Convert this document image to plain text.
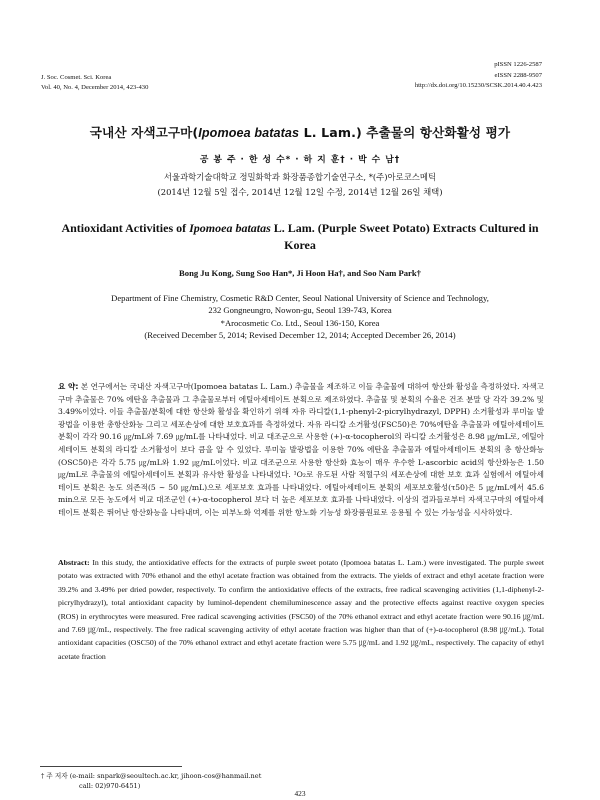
J. Soc. Cosmet. Sci. Korea
Vol. 40, No. 4, December 2014, 423-430
pISSN 1226-2587
eISSN 2288-9507
http://dx.doi.org/10.15230/SCSK.2014.40.4.423
국내산 자색고구마(Ipomoea batatas L. Lam.) 추출물의 항산화활성 평가
공 봉 주 · 한 성 수* · 하 지 훈† · 박 수 남†
서울과학기술대학교 정밀화학과 화장품종합기술연구소, *(주)아로코스메틱
(2014년 12월 5일 접수, 2014년 12월 12일 수정, 2014년 12월 26일 채택)
Antioxidant Activities of Ipomoea batatas L. Lam. (Purple Sweet Potato) Extracts Cultured in Korea
Bong Ju Kong, Sung Soo Han*, Ji Hoon Ha†, and Soo Nam Park†
Department of Fine Chemistry, Cosmetic R&D Center, Seoul National University of Science and Technology,
232 Gongneungro, Nowon-gu, Seoul 139-743, Korea
*Arocosmetic Co. Ltd., Seoul 136-150, Korea
(Received December 5, 2014; Revised December 12, 2014; Accepted December 26, 2014)
요 약: 본 연구에서는 국내산 자색고구마(Ipomoea batatas L. Lam.) 추출물을 제조하고 이들 추출물에 대하여 항산화 활성을 측정하였다. 자색고구마 추출물은 70% 에탄올 추출물과 그 추출물로부터 에틸아세테이트 분획으로 제조하였다. 추출물 및 분획의 수율은 건조 분말 당 각각 39.2% 및 3.49%이었다. 이들 추출물/분획에 대한 항산화 활성을 확인하기 위해 자유 라디칼(1,1-phenyl-2-picrylhydrazyl, DPPH) 소거활성과 루미놀 발광법을 이용한 총항산화능 그리고 세포손상에 대한 보호효과를 측정하였다. 자유 라디칼 소거활성(FSC50)은 70%에탄올 추출물과 에틸아세테이트 분획이 각각 90.16 ㎍/mL와 7.69 ㎍/mL를 나타내었다. 비교 대조군으로 사용한 (+)-α-tocopherol의 라디칼 소거활성은 8.98 ㎍/mL로, 에틸아세테이트 분획의 라디칼 소거활성이 보다 큼을 알 수 있었다. 루미놀 발광법을 이용한 70% 에탄올 추출물과 에틸아세테이트 분획의 총 항산화능(OSC50)은 각각 5.75 ㎍/mL와 1.92 ㎍/mL이었다. 비교 대조군으로 사용한 항산화 효능이 매우 우수한 L-ascorbic acid의 항산화능은 1.50 ㎍/mL로 추출물의 에틸아세테이트 분획과 유사한 활성을 나타내었다. ¹O₂로 유도된 사람 적혈구의 세포손상에 대한 보호 효과 실험에서 에틸아세테이트 분획은 농도 의존적(5 ~ 50 ㎍/mL)으로 세포보호 효과를 나타내었다. 에틸아세테이트 분획의 세포보호활성(τ50)은 5 ㎍/mL에서 45.6 min으로 모든 농도에서 비교 대조군인 (+)-α-tocopherol 보다 더 높은 세포보호 효과를 나타내었다. 이상의 결과들로부터 자색고구마의 에틸아세테이트 분획은 뛰어난 항산화능을 나타내며, 이는 피부노화 억제를 위한 항노화 기능성 화장품원료로 응용될 수 있는 가능성을 시사하였다.
Abstract: In this study, the antioxidative effects for the extracts of purple sweet potato (Ipomoea batatas L. Lam.) were investigated. The purple sweet potato was extracted with 70% ethanol and the ethyl acetate fraction was obtained from the extracts. The yields of extract and ethyl acetate fraction were 39.2% and 3.49% per dried powder, respectively. To confirm the antioxidative effects of the extracts, free radical scavenging activities (1,1-diphenyl-2-picrylhydrazyl), total antioxidant capacity by luminol-dependent chemiluminescence assay and the protective effects against reactive oxygen species (ROS) in erythrocytes were measured. Free radical scavenging activities (FSC50) of the 70% ethanol extract and ethyl acetate fraction were 90.16 ㎍/mL and 7.69 ㎍/mL, respectively. The free radical scavenging activity of ethyl acetate fraction was higher than that of (+)-α-tocopherol (8.98 ㎍/mL). Total antioxidant capacities (OSC50) of the 70% ethanol extract and ethyl acetate fraction were 5.75 ㎍/mL and 1.92 ㎍/mL, respectively. The capacity of ethyl acetate fraction
† 주 저자 (e-mail: snpark@seoultech.ac.kr, jihoon-cos@hanmail.net
call: 02)970-6451)
423
